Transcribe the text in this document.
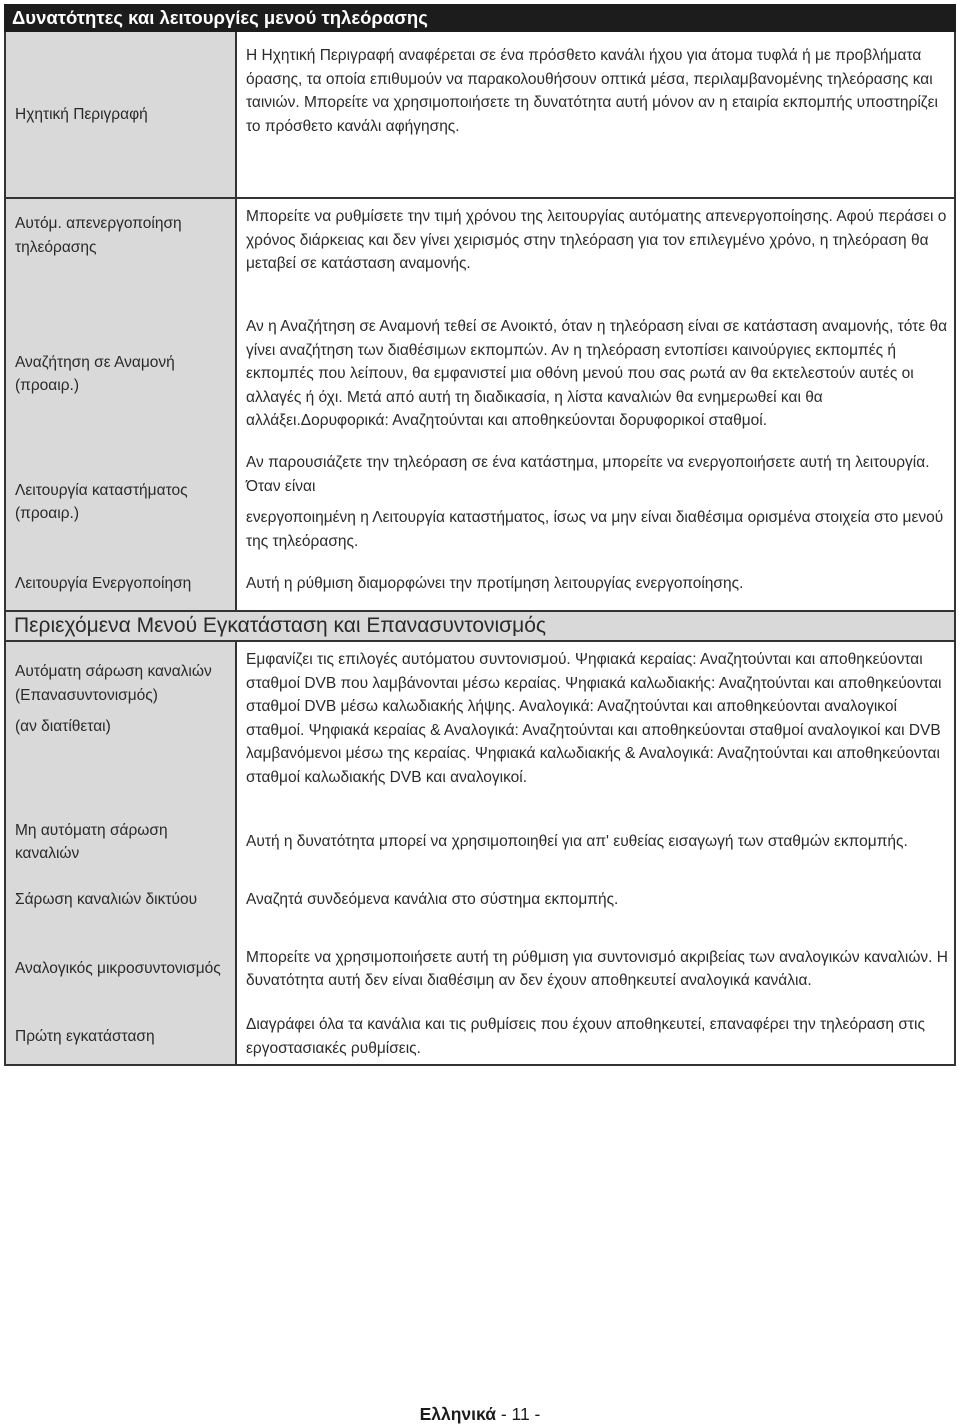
Δυνατότητες και λειτουργίες μενού τηλεόρασης
Ηχητική Περιγραφή	Η Ηχητική Περιγραφή αναφέρεται σε ένα πρόσθετο κανάλι ήχου για άτομα τυφλά ή με προβλήματα όρασης, τα οποία επιθυμούν να παρακολουθήσουν οπτικά μέσα, περιλαμβανομένης τηλεόρασης και ταινιών. Μπορείτε να χρησιμοποιήσετε τη δυνατότητα αυτή μόνον αν η εταιρία εκπομπής υποστηρίζει το πρόσθετο κανάλι αφήγησης.

Αυτόμ. απενεργοποίηση τηλεόρασης	Μπορείτε να ρυθμίσετε την τιμή χρόνου της λειτουργίας αυτόματης απενεργοποίησης. Αφού περάσει ο χρόνος διάρκειας και δεν γίνει χειρισμός στην τηλεόραση για τον επιλεγμένο χρόνο, η τηλεόραση θα μεταβεί σε κατάσταση αναμονής.

Αναζήτηση σε Αναμονή (προαιρ.)	Αν η Αναζήτηση σε Αναμονή τεθεί σε Ανοικτό, όταν η τηλεόραση είναι σε κατάσταση αναμονής, τότε θα γίνει αναζήτηση των διαθέσιμων εκπομπών. Αν η τηλεόραση εντοπίσει καινούργιες εκπομπές ή εκπομπές που λείπουν, θα εμφανιστεί μια οθόνη μενού που σας ρωτά αν θα εκτελεστούν αυτές οι αλλαγές ή όχι. Μετά από αυτή τη διαδικασία, η λίστα καναλιών θα ενημερωθεί και θα αλλάξει.Δορυφορικά: Αναζητούνται και αποθηκεύονται δορυφορικοί σταθμοί.

Λειτουργία καταστήματος (προαιρ.)	Αν παρουσιάζετε την τηλεόραση σε ένα κατάστημα, μπορείτε να ενεργοποιήσετε αυτή τη λειτουργία. Όταν είναι

ενεργοποιημένη η Λειτουργία καταστήματος, ίσως να μην είναι διαθέσιμα ορισμένα στοιχεία στο μενού της τηλεόρασης.

Λειτουργία Ενεργοποίηση	Αυτή η ρύθμιση διαμορφώνει την προτίμηση λειτουργίας ενεργοποίησης.

Περιεχόμενα Μενού Εγκατάσταση και Επανασυντονισμός
Αυτόματη σάρωση καναλιών (Επανασυντονισμός)
(αν διατίθεται)	Εμφανίζει τις επιλογές αυτόματου συντονισμού. Ψηφιακά κεραίας: Αναζητούνται και αποθηκεύονται σταθμοί DVB που λαμβάνονται μέσω κεραίας. Ψηφιακά καλωδιακής: Αναζητούνται και αποθηκεύονται σταθμοί DVB μέσω καλωδιακής λήψης. Αναλογικά: Αναζητούνται και αποθηκεύονται αναλογικοί σταθμοί. Ψηφιακά κεραίας & Αναλογικά: Αναζητούνται και αποθηκεύονται σταθμοί αναλογικοί και DVB λαμβανόμενοι μέσω της κεραίας. Ψηφιακά καλωδιακής & Αναλογικά: Αναζητούνται και αποθηκεύονται σταθμοί καλωδιακής DVB και αναλογικοί.

Μη αυτόματη σάρωση καναλιών	Αυτή η δυνατότητα μπορεί να χρησιμοποιηθεί για απ' ευθείας εισαγωγή των σταθμών εκπομπής.

Σάρωση καναλιών δικτύου	Αναζητά συνδεόμενα κανάλια στο σύστημα εκπομπής.

Αναλογικός μικροσυντονισμός	Μπορείτε να χρησιμοποιήσετε αυτή τη ρύθμιση για συντονισμό ακριβείας των αναλογικών καναλιών. Η δυνατότητα αυτή δεν είναι διαθέσιμη αν δεν έχουν αποθηκευτεί αναλογικά κανάλια.

Πρώτη εγκατάσταση	Διαγράφει όλα τα κανάλια και τις ρυθμίσεις που έχουν αποθηκευτεί, επαναφέρει την τηλεόραση στις εργοστασιακές ρυθμίσεις.

Ελληνικά - 11 -
